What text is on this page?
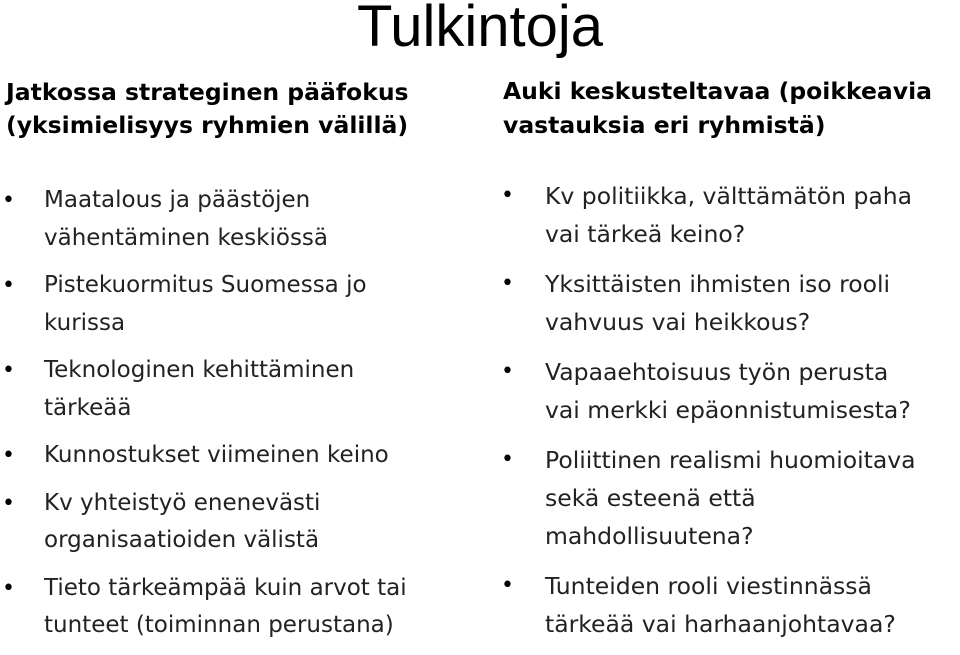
Tulkintoja
Jatkossa strateginen pääfokus
(yksimielisyys ryhmien välillä)
• Maatalous ja päästöjen
vähentäminen keskiössä
• Pistekuormitus Suomessa jo
kurissa
• Teknologinen kehittäminen
tärkeää
• Kunnostukset viimeinen keino
• Kv yhteistyö enenevästi
organisaatioiden välistä
• Tieto tärkeämpää kuin arvot tai
tunteet (toiminnan perustana)
Auki keskusteltavaa (poikkeavia
vastauksia eri ryhmistä)
• Kv politiikka, välttämätön paha
vai tärkeä keino?
• Yksittäisten ihmisten iso rooli
vahvuus vai heikkous?
• Vapaaehtoisuus työn perusta
vai merkki epäonnistumisesta?
• Poliittinen realismi huomioitava
sekä esteenä että
mahdollisuutena?
• Tunteiden rooli viestinnässä
tärkeää vai harhaanjohtavaa?
